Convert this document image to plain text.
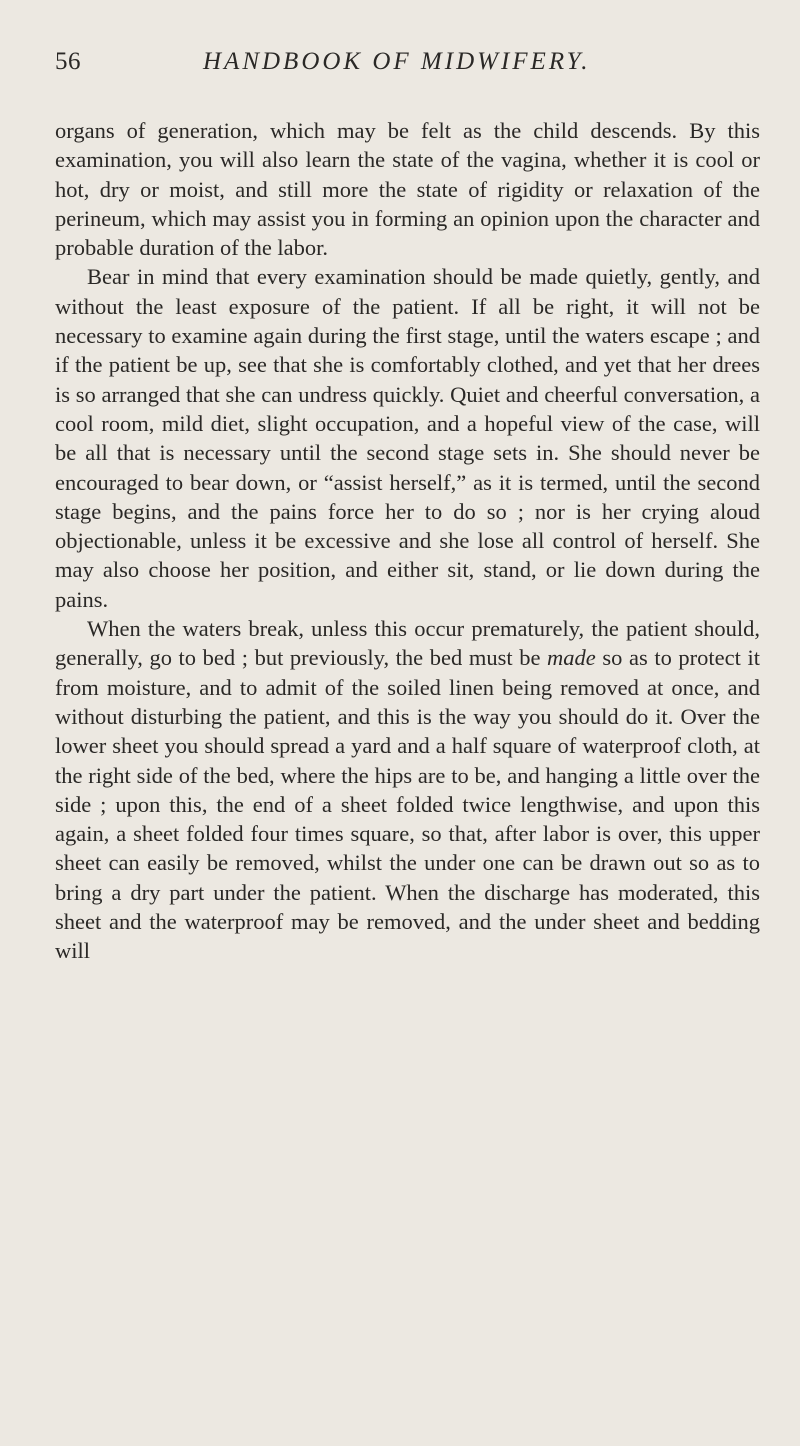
56	HANDBOOK OF MIDWIFERY.

organs of generation, which may be felt as the child descends. By this examination, you will also learn the state of the vagina, whether it is cool or hot, dry or moist, and still more the state of rigidity or relaxation of the perineum, which may assist you in forming an opinion upon the character and probable duration of the labor.

Bear in mind that every examination should be made quietly, gently, and without the least exposure of the patient. If all be right, it will not be necessary to examine again during the first stage, until the waters escape ; and if the patient be up, see that she is comfortably clothed, and yet that her drees is so arranged that she can undress quickly. Quiet and cheerful conversation, a cool room, mild diet, slight occupation, and a hopeful view of the case, will be all that is necessary until the second stage sets in. She should never be encouraged to bear down, or “assist herself,” as it is termed, until the second stage begins, and the pains force her to do so ; nor is her crying aloud objectionable, unless it be excessive and she lose all control of herself. She may also choose her position, and either sit, stand, or lie down during the pains.

When the waters break, unless this occur prematurely, the patient should, generally, go to bed ; but previously, the bed must be made so as to protect it from moisture, and to admit of the soiled linen being removed at once, and without disturbing the patient, and this is the way you should do it. Over the lower sheet you should spread a yard and a half square of waterproof cloth, at the right side of the bed, where the hips are to be, and hanging a little over the side ; upon this, the end of a sheet folded twice lengthwise, and upon this again, a sheet folded four times square, so that, after labor is over, this upper sheet can easily be removed, whilst the under one can be drawn out so as to bring a dry part under the patient. When the discharge has moderated, this sheet and the waterproof may be removed, and the under sheet and bedding will
